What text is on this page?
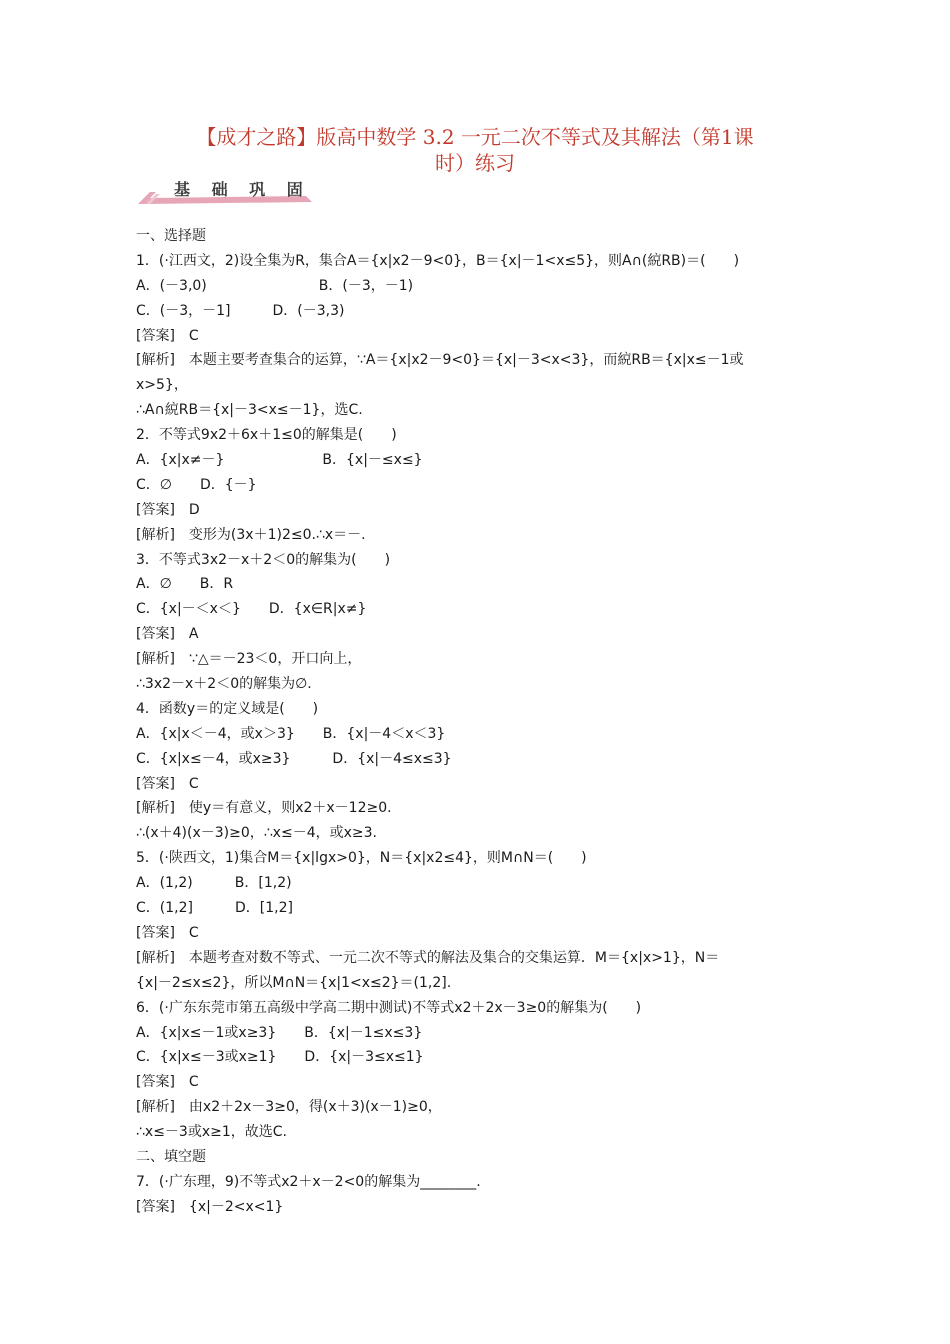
【成才之路】版高中数学 3.2 一元二次不等式及其解法（第1课
时）练习
基 础 巩 固
一、选择题
1．(·江西文，2)设全集为R，集合A＝{x|x2－9<0}，B＝{x|－1<x≤5}，则A∩(綂RB)＝(　　)
A．(－3,0)　　　　　　　　B．(－3，－1)
C．(－3，－1]　　　D．(－3,3)
[答案]　C
[解析]　本题主要考查集合的运算，∵A＝{x|x2－9<0}＝{x|－3<x<3}，而綂RB＝{x|x≤－1或
x>5}，
∴A∩綂RB＝{x|－3<x≤－1}，选C.
2．不等式9x2＋6x＋1≤0的解集是(　　)
A．{x|x≠－}　　　　　　　B．{x|－≤x≤}
C．∅　　D．{－}
[答案]　D
[解析]　变形为(3x＋1)2≤0.∴x＝－.
3．不等式3x2－x＋2＜0的解集为(　　)
A．∅　　B．R
C．{x|－＜x＜}　　D．{x∈R|x≠}
[答案]　A
[解析]　∵△＝－23＜0，开口向上，
∴3x2－x＋2＜0的解集为∅.
4．函数y＝的定义域是(　　)
A．{x|x＜－4，或x＞3}　　B．{x|－4＜x＜3}
C．{x|x≤－4，或x≥3}　　　D．{x|－4≤x≤3}
[答案]　C
[解析]　使y＝有意义，则x2＋x－12≥0.
∴(x＋4)(x－3)≥0，∴x≤－4，或x≥3.
5．(·陕西文，1)集合M＝{x|lgx>0}，N＝{x|x2≤4}，则M∩N＝(　　)
A．(1,2)　　　B．[1,2)
C．(1,2]　　　D．[1,2]
[答案]　C
[解析]　本题考查对数不等式、一元二次不等式的解法及集合的交集运算．M＝{x|x>1}，N＝
{x|－2≤x≤2}，所以M∩N＝{x|1<x≤2}＝(1,2].
6．(·广东东莞市第五高级中学高二期中测试)不等式x2＋2x－3≥0的解集为(　　)
A．{x|x≤－1或x≥3}　　B．{x|－1≤x≤3}
C．{x|x≤－3或x≥1}　　D．{x|－3≤x≤1}
[答案]　C
[解析]　由x2＋2x－3≥0，得(x＋3)(x－1)≥0，
∴x≤－3或x≥1，故选C.
二、填空题
7．(·广东理，9)不等式x2＋x－2<0的解集为________.
[答案]　{x|－2<x<1}
